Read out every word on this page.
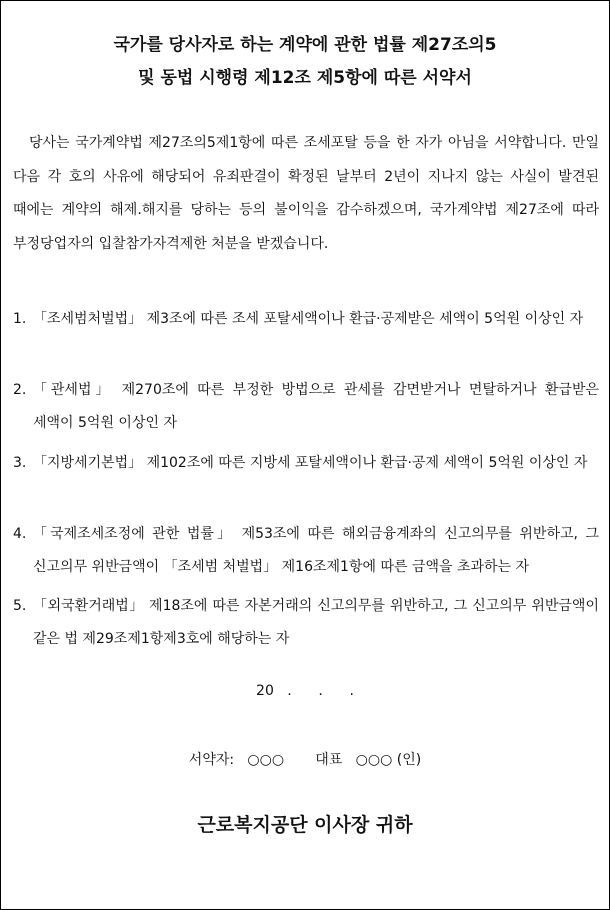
국가를 당사자로 하는 계약에 관한 법률 제27조의5
및 동법 시행령 제12조 제5항에 따른 서약서
당사는 국가계약법 제27조의5제1항에 따른 조세포탈 등을 한 자가 아님을 서약합니다. 만일 다음 각 호의 사유에 해당되어 유죄판결이 확정된 날부터 2년이 지나지 않는 사실이 발견된 때에는 계약의 해제․해지를 당하는 등의 불이익을 감수하겠으며, 국가계약법 제27조에 따라 부정당업자의 입찰참가자격제한 처분을 받겠습니다.
1. 「조세범처벌법」 제3조에 따른 조세 포탈세액이나 환급·공제받은 세액이 5억원 이상인 자
2. 「관세법」 제270조에 따른 부정한 방법으로 관세를 감면받거나 면탈하거나 환급받은 세액이 5억원 이상인 자
3. 「지방세기본법」 제102조에 따른 지방세 포탈세액이나 환급·공제 세액이 5억원 이상인 자
4. 「국제조세조정에 관한 법률」 제53조에 따른 해외금융계좌의 신고의무를 위반하고, 그 신고의무 위반금액이 「조세범 처벌법」 제16조제1항에 따른 금액을 초과하는 자
5. 「외국환거래법」 제18조에 따른 자본거래의 신고의무를 위반하고, 그 신고의무 위반금액이 같은 법 제29조제1항제3호에 해당하는 자
20   .      .      .
서약자:   ○○○       대표   ○○○ (인)
근로복지공단 이사장 귀하
